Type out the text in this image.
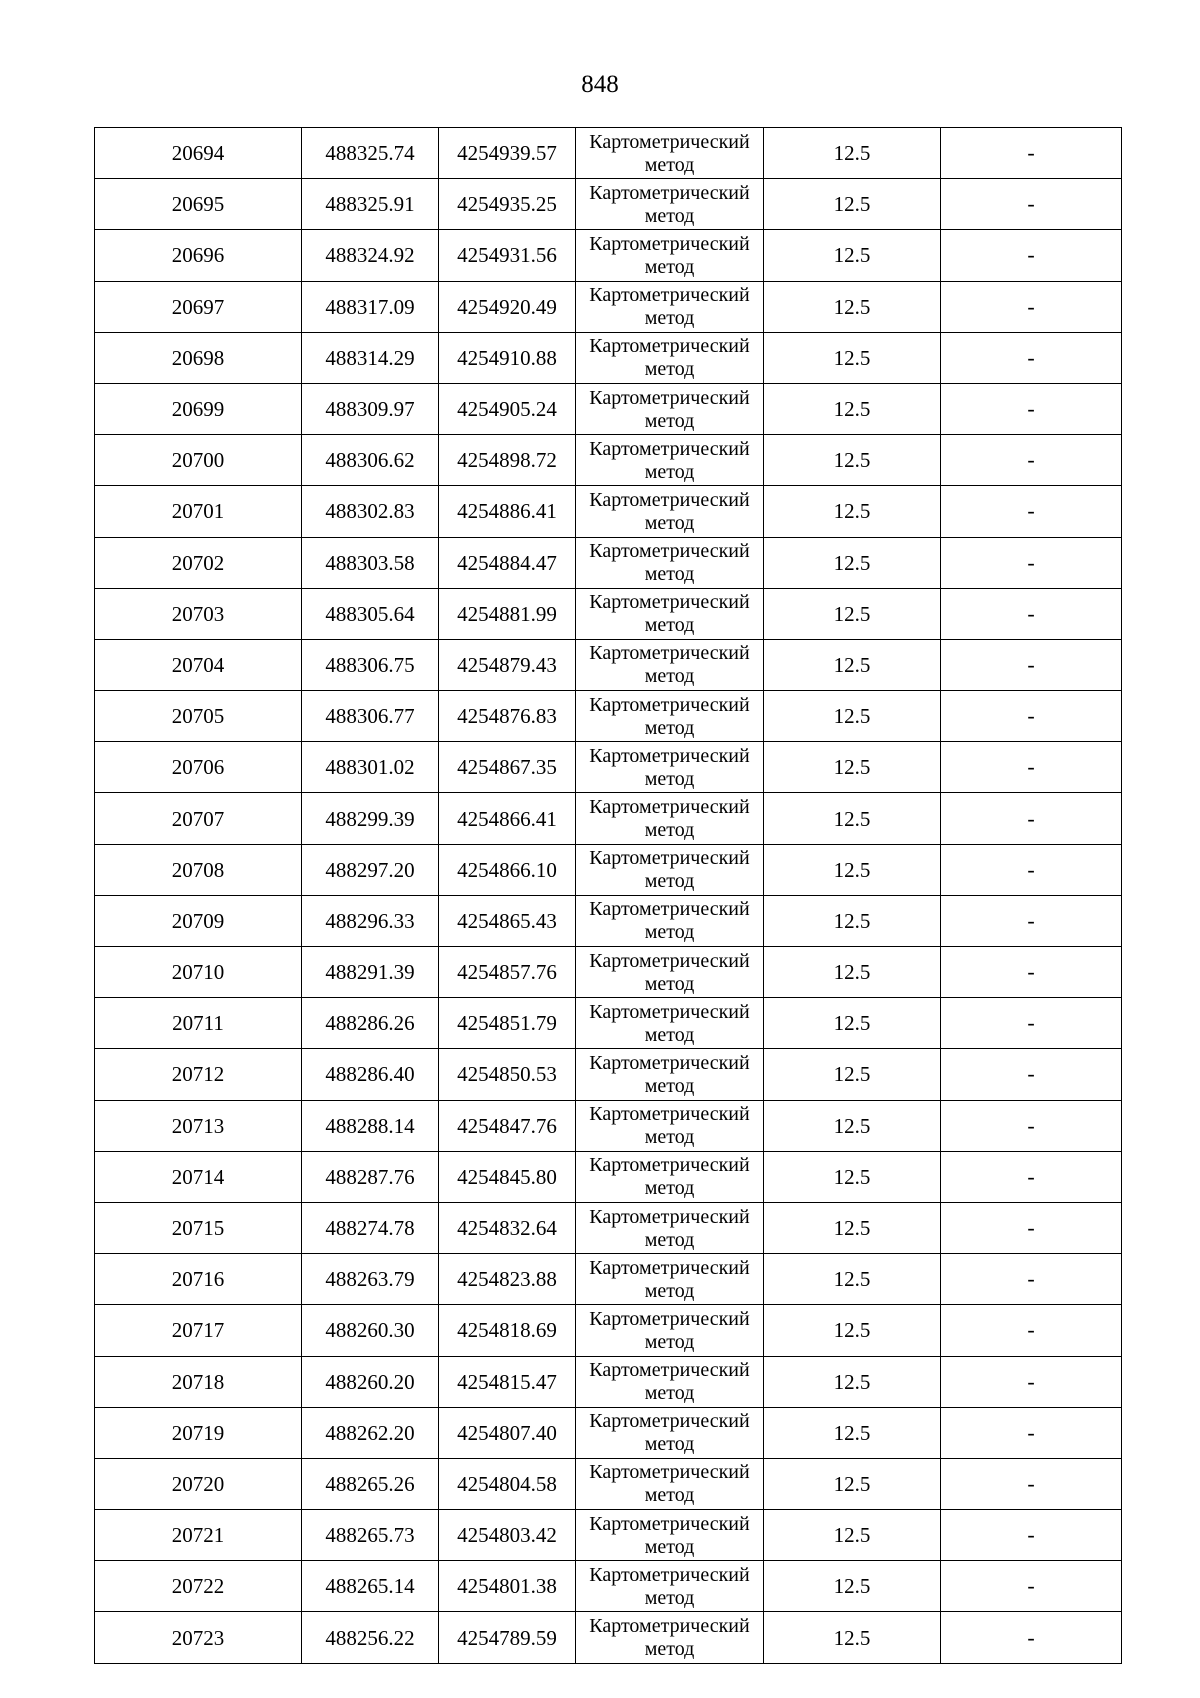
848
20694	488325.74	4254939.57	Картометрический метод	12.5	-
20695	488325.91	4254935.25	Картометрический метод	12.5	-
20696	488324.92	4254931.56	Картометрический метод	12.5	-
20697	488317.09	4254920.49	Картометрический метод	12.5	-
20698	488314.29	4254910.88	Картометрический метод	12.5	-
20699	488309.97	4254905.24	Картометрический метод	12.5	-
20700	488306.62	4254898.72	Картометрический метод	12.5	-
20701	488302.83	4254886.41	Картометрический метод	12.5	-
20702	488303.58	4254884.47	Картометрический метод	12.5	-
20703	488305.64	4254881.99	Картометрический метод	12.5	-
20704	488306.75	4254879.43	Картометрический метод	12.5	-
20705	488306.77	4254876.83	Картометрический метод	12.5	-
20706	488301.02	4254867.35	Картометрический метод	12.5	-
20707	488299.39	4254866.41	Картометрический метод	12.5	-
20708	488297.20	4254866.10	Картометрический метод	12.5	-
20709	488296.33	4254865.43	Картометрический метод	12.5	-
20710	488291.39	4254857.76	Картометрический метод	12.5	-
20711	488286.26	4254851.79	Картометрический метод	12.5	-
20712	488286.40	4254850.53	Картометрический метод	12.5	-
20713	488288.14	4254847.76	Картометрический метод	12.5	-
20714	488287.76	4254845.80	Картометрический метод	12.5	-
20715	488274.78	4254832.64	Картометрический метод	12.5	-
20716	488263.79	4254823.88	Картометрический метод	12.5	-
20717	488260.30	4254818.69	Картометрический метод	12.5	-
20718	488260.20	4254815.47	Картометрический метод	12.5	-
20719	488262.20	4254807.40	Картометрический метод	12.5	-
20720	488265.26	4254804.58	Картометрический метод	12.5	-
20721	488265.73	4254803.42	Картометрический метод	12.5	-
20722	488265.14	4254801.38	Картометрический метод	12.5	-
20723	488256.22	4254789.59	Картометрический метод	12.5	-
